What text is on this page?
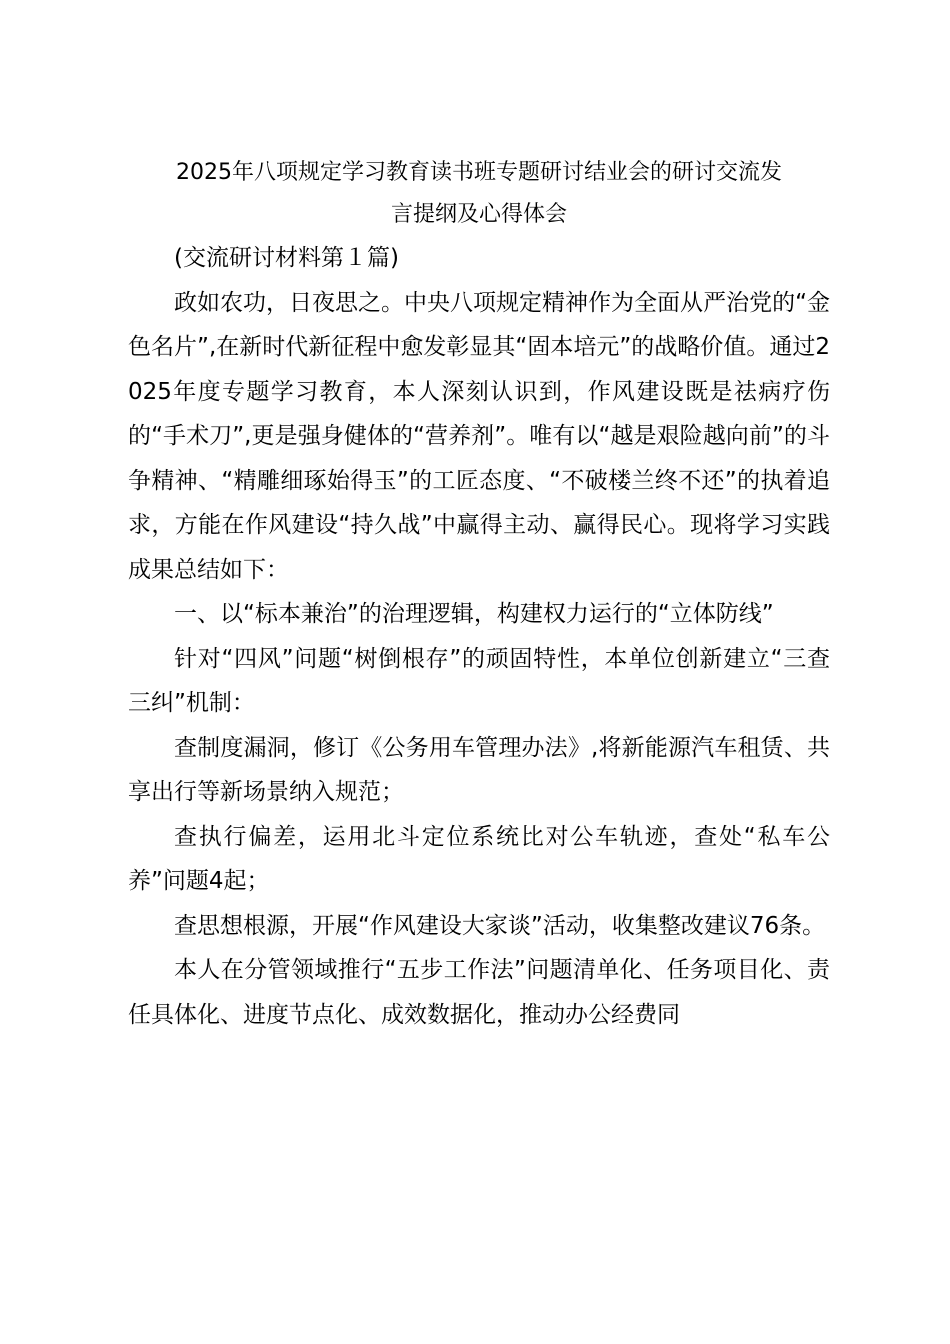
2025年八项规定学习教育读书班专题研讨结业会的研讨交流发
言提纲及心得体会

(交流研讨材料第１篇)

政如农功，日夜思之。中央八项规定精神作为全面从严治党的“金色名片”,在新时代新征程中愈发彰显其“固本培元”的战略价值。通过2025年度专题学习教育，本人深刻认识到，作风建设既是祛病疗伤的“手术刀”,更是强身健体的“营养剂”。唯有以“越是艰险越向前”的斗争精神、“精雕细琢始得玉”的工匠态度、“不破楼兰终不还”的执着追求，方能在作风建设“持久战”中赢得主动、赢得民心。现将学习实践成果总结如下：

一、以“标本兼治”的治理逻辑，构建权力运行的“立体防线”

针对“四风”问题“树倒根存”的顽固特性，本单位创新建立“三查三纠”机制：

查制度漏洞，修订《公务用车管理办法》,将新能源汽车租赁、共享出行等新场景纳入规范；

查执行偏差，运用北斗定位系统比对公车轨迹，查处“私车公养”问题4起；

查思想根源，开展“作风建设大家谈”活动，收集整改建议76条。

本人在分管领域推行“五步工作法”问题清单化、任务项目化、责任具体化、进度节点化、成效数据化，推动办公经费同
